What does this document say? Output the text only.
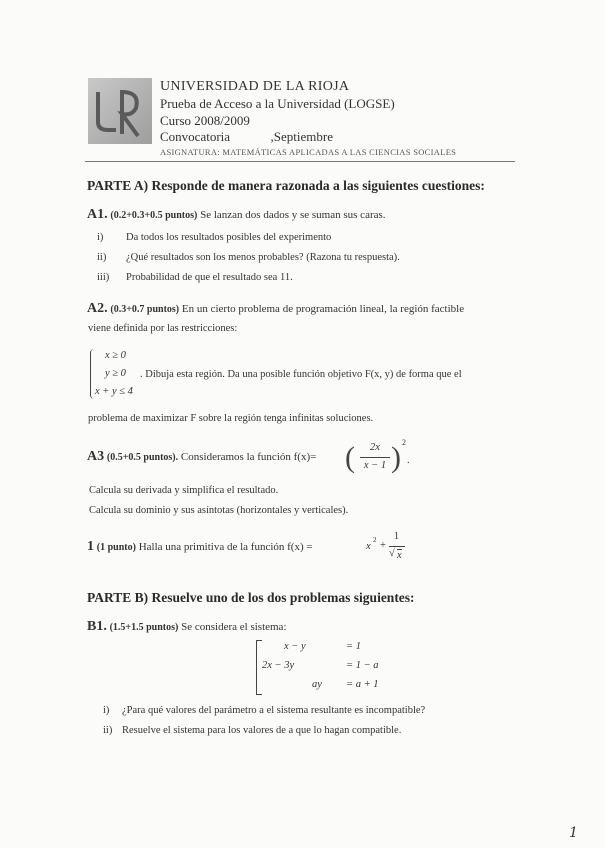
UNIVERSIDAD DE LA RIOJA
Prueba de Acceso a la Universidad (LOGSE)
Curso 2008/2009
Convocatoria	,Septiembre
ASIGNATURA: MATEMÁTICAS APLICADAS A LAS CIENCIAS SOCIALES
PARTE A) Responde de manera razonada a las siguientes cuestiones:
A1. (0.2+0.3+0.5 puntos) Se lanzan dos dados y se suman sus caras.
i) Da todos los resultados posibles del experimento
ii) ¿Qué resultados son los menos probables? (Razona tu respuesta).
iii) Probabilidad de que el resultado sea 11.
A2. (0.3+0.7 puntos) En un cierto problema de programación lineal, la región factible
viene definida por las restricciones:
x ≥ 0
y ≥ 0
x + y ≤ 4
. Dibuja esta región. Da una posible función objetivo F(x, y) de forma que el
problema de maximizar F sobre la región tenga infinitas soluciones.
A3 (0.5+0.5 puntos). Consideramos la función f(x)= (	2x
x − 1 ) 2
.
Calcula su derivada y simplifica el resultado.
Calcula su dominio y sus asíntotas (horizontales y verticales).
1 (1 punto) Halla una primitiva de la función f(x) =	x
2 +
1
√ x
PARTE B) Resuelve uno de los dos problemas siguientes:
B1. (1.5+1.5 puntos) Se considera el sistema:
x − y	= 1
2x − 3y	= 1 − a
ay = a + 1
i) ¿Para qué valores del parámetro a el sistema resultante es incompatible?
ii) Resuelve el sistema para los valores de a que lo hagan compatible.
1
